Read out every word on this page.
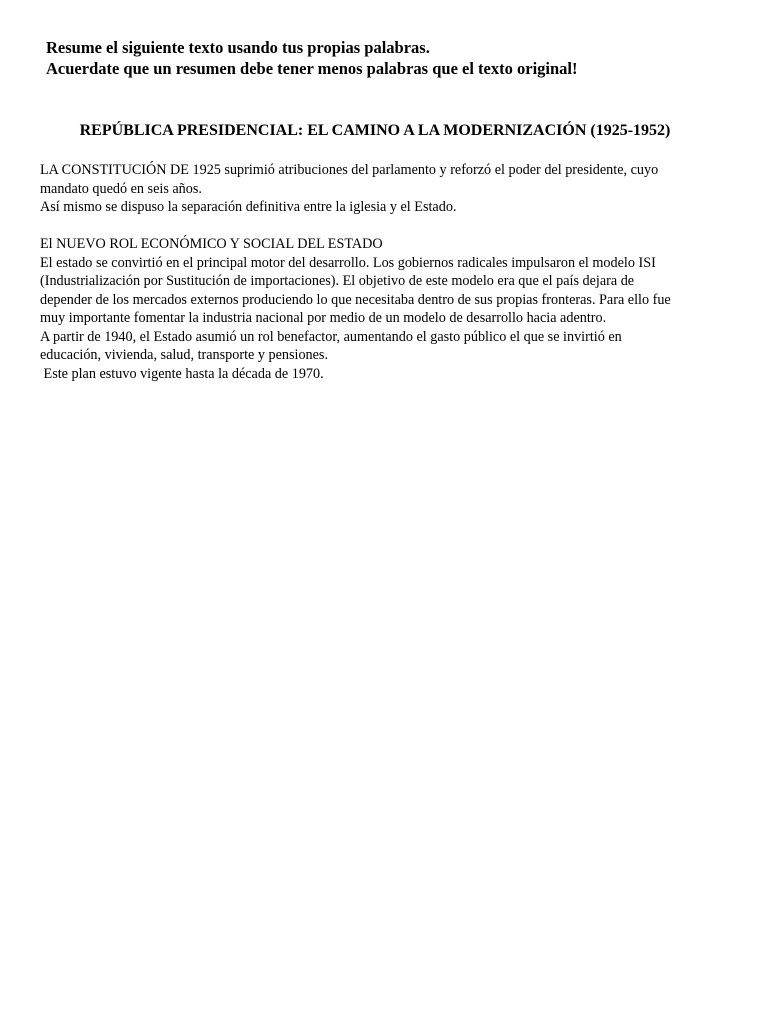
Resume el siguiente texto usando tus propias palabras.
Acuerdate que un resumen debe tener menos palabras que el texto original!
REPÚBLICA PRESIDENCIAL: EL CAMINO A LA MODERNIZACIÓN (1925-1952)
LA CONSTITUCIÓN DE 1925 suprimió atribuciones del parlamento y reforzó el poder del presidente, cuyo
mandato quedó en seis años.
Así mismo se dispuso la separación definitiva entre la iglesia y el Estado.
El NUEVO ROL ECONÓMICO Y SOCIAL DEL ESTADO
El estado se convirtió en el principal motor del desarrollo. Los gobiernos radicales impulsaron el modelo ISI
(Industrialización por Sustitución de importaciones). El objetivo de este modelo era que el país dejara de
depender de los mercados externos produciendo lo que necesitaba dentro de sus propias fronteras. Para ello fue
muy importante fomentar la industria nacional por medio de un modelo de desarrollo hacia adentro.
A partir de 1940, el Estado asumió un rol benefactor, aumentando el gasto público el que se invirtió en
educación, vivienda, salud, transporte y pensiones.
Este plan estuvo vigente hasta la década de 1970.
